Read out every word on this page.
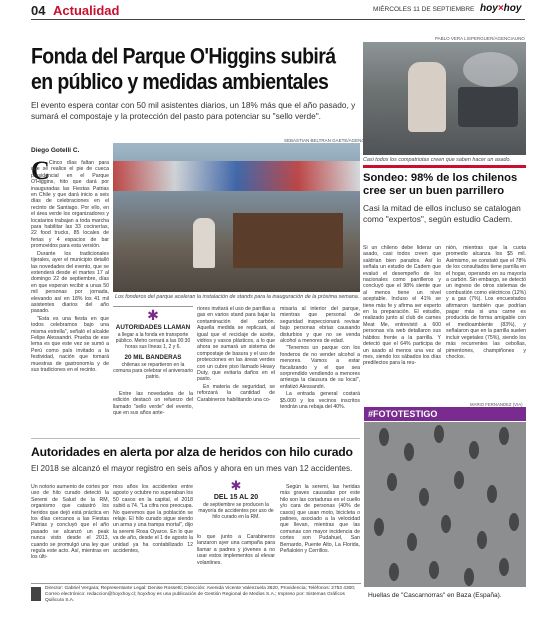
04 Actualidad	MIÉRCOLES 11 DE SEPTIEMBRE hoy×hoy
Fonda del Parque O'Higgins subirá
en público y medidas ambientales
El evento espera contar con 50 mil asistentes diarios, un 18% más que el año pasado, y sumará el compostaje y la protección del pasto para potenciar su "sello verde".
PABLO VERA LISPERGUER/AGENCIAUNO
Casi todos los compatriotas creen que saben hacer un asado.
Sondeo: 98% de los chilenos cree ser un buen parrillero
Casi la mitad de ellos incluso se catalogan como "expertos", según estudio Cadem.

Si un chileno debe liderar un asado, casi todos creen que saldrían bien parados. Así lo señala un estudio de Cadem que evaluó el desempeño de los nacionales como parrilleros y concluyó que el 98% siente que al menos tiene un nivel aceptable. Incluso el 41% se tiene más fe y afirma ser experto en la preparación. El estudio, realizado junto al club de carnes Meat Me, entrevistó a 600 personas vía web detallaron sus hábitos frente a la parrilla. Y detectó que el 64% participa de un asado al menos una vez al mes, siendo los sábados los días predilectos para la reu-

nión, mientras que la cuota promedio alcanza los $5 mil. Asimismo, se constató que el 78% de los consultados tiene parrilla en el hogar, operando en su mayoría a carbón. Sin embargo, se detectó un ingreso de otros sistemas de combustión como eléctricos (12%) y a gas (7%). Los encuestados afirmaron también que podrían pagar más si una carne es producida de forma amigable con el medioambiente (83%), y señalaron que en la parrilla suelen incluir vegetales (75%), siendo los más recurrentes las cebollas, pimentones, champiñones y choclos.

Diego Gotelli C.
SEBASTIAN BELTRAN GAETE/AGENCIAUNO
Los fonderos del parque aceleran la instalación de stands para la inauguración de la próxima semana.
C Cinco días faltan para que se realice el pie de cueca presidencial en el Parque O'Higgins, hito que dará por inauguradas las Fiestas Patrias en Chile y que dará inicio a seis días de celebraciones en el recinto de Santiago. Por ello, en el área verde los organizadores y locatarios trabajan a toda marcha para habilitar las 33 cocinerías, 22 food trucks, 85 locales de ferias y 4 espacios de bar promovidos para esta versión.

Durante los tradicionales tijerales, ayer el municipio detalló las novedades del evento, que se extenderá desde el martes 17 al domingo 22 de septiembre, días en que esperan recibir a unas 50 mil personas por jornada, elevando así en 18% los 41 mil asistentes diarios del año pasado.

"Esta es una fiesta en que todos celebramos bajo una misma estrella", señaló el alcalde Felipe Alessandri. Prueba de ese lema es que este vez se sumó a Perú como país invitado a la festividad, nación que tomará muestras de gastronomía y de sus tradiciones en el recinto.

✱
AUTORIDADES LLAMAN
a llegar a la fonda en transporte público. Metro cerrará a las 00:30 horas sus líneas 1, 2 y 6.
20 MIL BANDERAS
chilenas se repartieron en la comuna para celebrar el aniversario patrio.

Entre las novedades de la edición destacó un refuerzo del llamado "sello verde" del evento, que en sus años ante-

riores invitará el uso de parrillas a gas en varios stand para bajar la contaminación del carbón. Aquella medida se replicará, al igual que el reciclaje de aceite, vidrios y vasos plásticos, a lo que ahora se sumará un sistema de compostaje de basura y el uso de protecciones en las áreas verdes con un cubre piso llamado Heavy Duty, que evitaría daños en el pasto.

En materia de seguridad, se reforzará la cantidad de Carabineros habilitando una co-

misaría al interior del parque, mientras que personal de seguridad inspeccionará revisar bajo personas ebrias causando disturbios y que no se venda alcohol a menores de edad.

"Tenemos un parque con los fonderos de no vender alcohol a menores. Vamos a estar fiscalizando y el que sea sorprendido vendiendo a menores arriesga la clausura de su local", enfatizó Alessandri.

La entrada general costará $5.000 y los vecinos inscritos tendrán una rebaja del 40%.

#FOTOTESTIGO
MARIO FERNANDEZ (VIA)
Huellas de "Cascarnorras" en Baza (España).
Autoridades en alerta por alza de heridos con hilo curado
El 2018 se alcanzó el mayor registro en seis años y ahora en un mes van 12 accidentes.

Un notorio aumento de cortes por uso de hilo curado detectó la Seremi de Salud de la RM, organismo que catastró los heridos que dejó está práctica en los días cercanos a las Fiestas Patrias y concluyó que el año pasado se alcanzó un peak nunca visto desde el 2013, cuando se promulgó una ley que regula este acto. Así, mientras en los últi-

mos años los accidentes entre agosto y octubre no superaban los 50 casos en la capital, el 2018 subió a 74. "La cifra nos preocupa. No queremos que la población se relaje. El hilo curado sigue siendo un arma y una trampa mortal", dijo la seremi Rosa Oyarce. En lo que va de año, desde el 1 de agosto la unidad ya ha contabilizado 12 accidentes,

✱
DEL 15 AL 20
de septiembre se producen la mayoría de accidentes por uso de hilo curado en la RM.

lo que junto a Carabineros lanzaron ayer una campaña para llamar a padres y jóvenes a no usar estos implementos al elevar volantines.

Según la seremi, las heridas más graves causadas por este hilo son las cortaduras en el cuello y/o cara de personas (40% de casos) que usan moto, bicicleta o patines, asociado a la velocidad que llevan, mientras que las comunas con mayor incidencia de cortes son Pudahuel, San Bernardo, Puente Alto, La Florida, Peñalolén y Cerrillos.

Director: Gabriel Vergara; Representante Legal: Denise Rossetti; Dirección: Avenida Vicente Valenzuela 3620, Providencia; Teléfonos: 2753 4300; Correo electrónico: redaccion@hoyxhoy.cl; hoyxhoy es una publicación de Gestión Regional de Medios S.A.; Impreso por: Sistemas Gráficos Quilicura S.A.
